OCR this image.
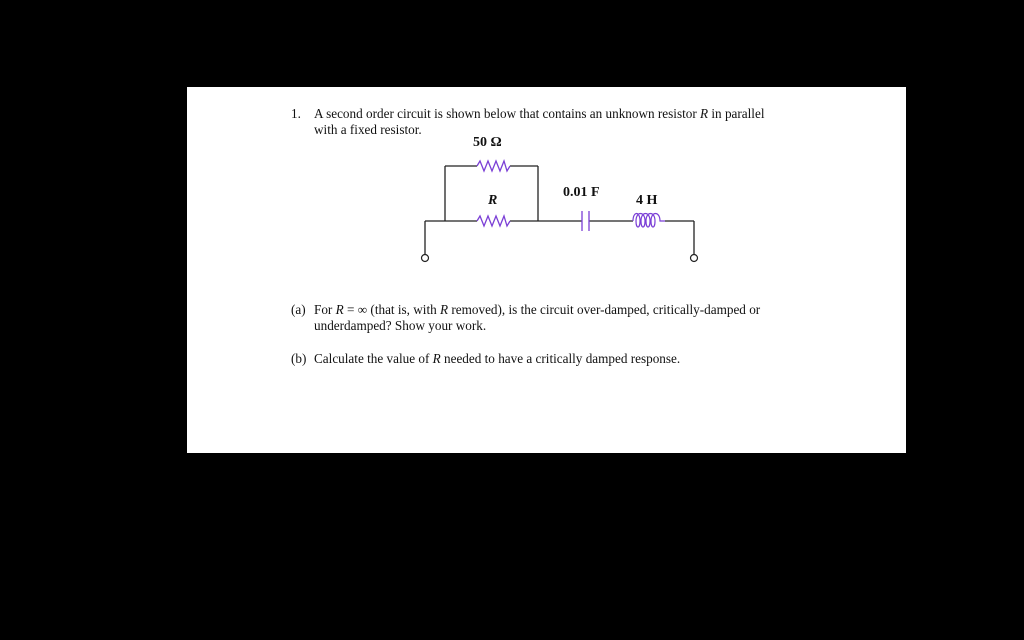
1. A second order circuit is shown below that contains an unknown resistor R in parallel
with a fixed resistor.
50 Ω
R
0.01 F
4 H
(a) For R = ∞ (that is, with R removed), is the circuit over-damped, critically-damped or
underdamped? Show your work.
(b) Calculate the value of R needed to have a critically damped response.
